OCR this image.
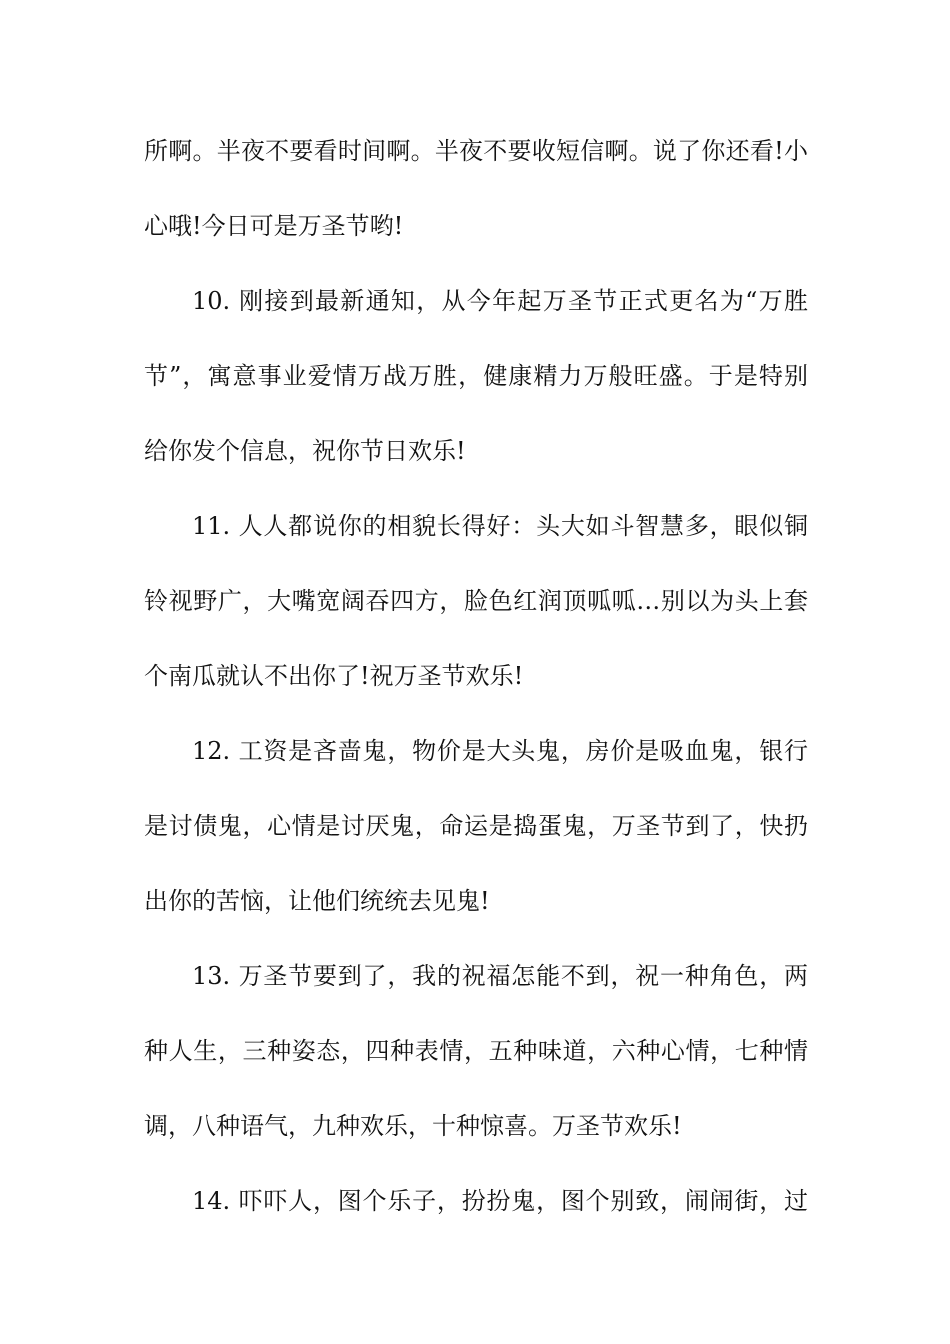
所啊。半夜不要看时间啊。半夜不要收短信啊。说了你还看!小
心哦!今日可是万圣节哟!
10. 刚接到最新通知，从今年起万圣节正式更名为“万胜
节”，寓意事业爱情万战万胜，健康精力万般旺盛。于是特别
给你发个信息，祝你节日欢乐!
11. 人人都说你的相貌长得好：头大如斗智慧多，眼似铜
铃视野广，大嘴宽阔吞四方，脸色红润顶呱呱…别以为头上套
个南瓜就认不出你了!祝万圣节欢乐!
12. 工资是吝啬鬼，物价是大头鬼，房价是吸血鬼，银行
是讨债鬼，心情是讨厌鬼，命运是捣蛋鬼，万圣节到了，快扔
出你的苦恼，让他们统统去见鬼!
13. 万圣节要到了，我的祝福怎能不到，祝一种角色，两
种人生，三种姿态，四种表情，五种味道，六种心情，七种情
调，八种语气，九种欢乐，十种惊喜。万圣节欢乐!
14. 吓吓人，图个乐子，扮扮鬼，图个别致，闹闹街，过
